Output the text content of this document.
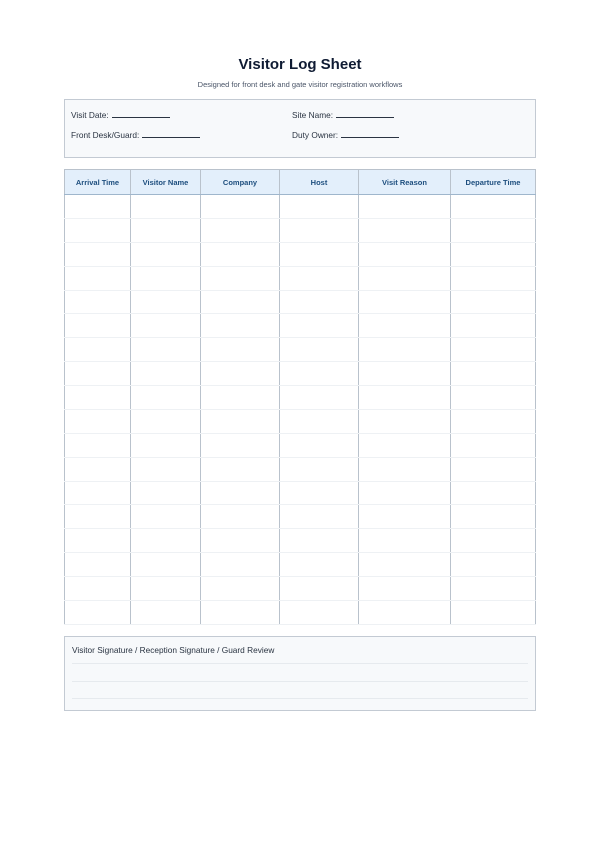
Visitor Log Sheet
Designed for front desk and gate visitor registration workflows
Visit Date:	Site Name:
Front Desk/Guard:	Duty Owner:
Arrival Time	Visitor Name	Company	Host	Visit Reason	Departure Time

Visitor Signature / Reception Signature / Guard Review
